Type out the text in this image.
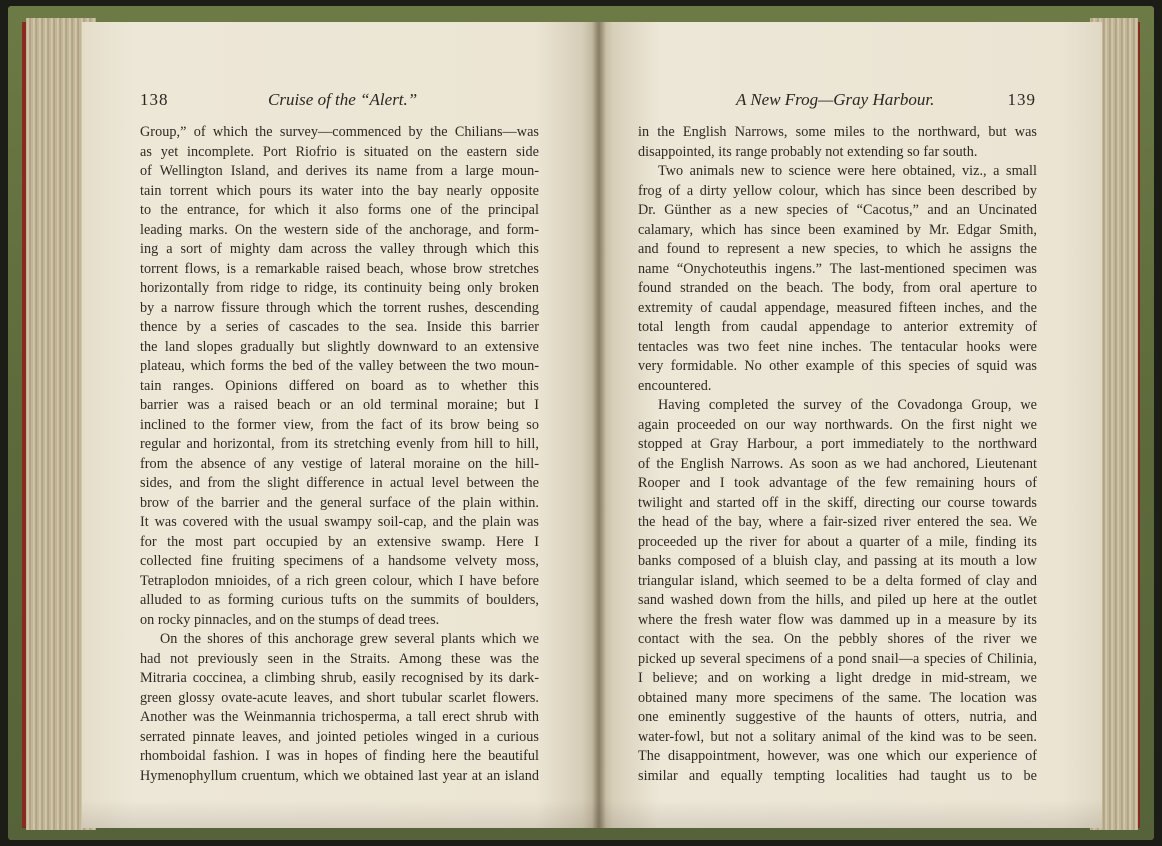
138	Cruise of the “Alert.”
Group,” of which the survey—commenced by the Chilians—was
as yet incomplete. Port Riofrio is situated on the eastern side
of Wellington Island, and derives its name from a large moun-
tain torrent which pours its water into the bay nearly opposite
to the entrance, for which it also forms one of the principal
leading marks. On the western side of the anchorage, and form-
ing a sort of mighty dam across the valley through which this
torrent flows, is a remarkable raised beach, whose brow stretches
horizontally from ridge to ridge, its continuity being only broken
by a narrow fissure through which the torrent rushes, descending
thence by a series of cascades to the sea. Inside this barrier
the land slopes gradually but slightly downward to an extensive
plateau, which forms the bed of the valley between the two moun-
tain ranges. Opinions differed on board as to whether this
barrier was a raised beach or an old terminal moraine; but I
inclined to the former view, from the fact of its brow being so
regular and horizontal, from its stretching evenly from hill to hill,
from the absence of any vestige of lateral moraine on the hill-
sides, and from the slight difference in actual level between the
brow of the barrier and the general surface of the plain within.
It was covered with the usual swampy soil-cap, and the plain was
for the most part occupied by an extensive swamp. Here I
collected fine fruiting specimens of a handsome velvety moss,
Tetraplodon mnioides, of a rich green colour, which I have before
alluded to as forming curious tufts on the summits of boulders,
on rocky pinnacles, and on the stumps of dead trees.
On the shores of this anchorage grew several plants which we
had not previously seen in the Straits. Among these was the
Mitraria coccinea, a climbing shrub, easily recognised by its dark-
green glossy ovate-acute leaves, and short tubular scarlet flowers.
Another was the Weinmannia trichosperma, a tall erect shrub with
serrated pinnate leaves, and jointed petioles winged in a curious
rhomboidal fashion. I was in hopes of finding here the beautiful
Hymenophyllum cruentum, which we obtained last year at an island
A New Frog—Gray Harbour.	139
in the English Narrows, some miles to the northward, but was
disappointed, its range probably not extending so far south.
Two animals new to science were here obtained, viz., a small
frog of a dirty yellow colour, which has since been described by
Dr. Günther as a new species of “Cacotus,” and an Uncinated
calamary, which has since been examined by Mr. Edgar Smith,
and found to represent a new species, to which he assigns the
name “Onychoteuthis ingens.” The last-mentioned specimen was
found stranded on the beach. The body, from oral aperture to
extremity of caudal appendage, measured fifteen inches, and the
total length from caudal appendage to anterior extremity of
tentacles was two feet nine inches. The tentacular hooks were
very formidable. No other example of this species of squid was
encountered.
Having completed the survey of the Covadonga Group, we
again proceeded on our way northwards. On the first night we
stopped at Gray Harbour, a port immediately to the northward
of the English Narrows. As soon as we had anchored, Lieutenant
Rooper and I took advantage of the few remaining hours of
twilight and started off in the skiff, directing our course towards
the head of the bay, where a fair-sized river entered the sea. We
proceeded up the river for about a quarter of a mile, finding its
banks composed of a bluish clay, and passing at its mouth a low
triangular island, which seemed to be a delta formed of clay and
sand washed down from the hills, and piled up here at the outlet
where the fresh water flow was dammed up in a measure by its
contact with the sea. On the pebbly shores of the river we
picked up several specimens of a pond snail—a species of Chilinia,
I believe; and on working a light dredge in mid-stream, we
obtained many more specimens of the same. The location was
one eminently suggestive of the haunts of otters, nutria, and
water-fowl, but not a solitary animal of the kind was to be seen.
The disappointment, however, was one which our experience of
similar and equally tempting localities had taught us to be
